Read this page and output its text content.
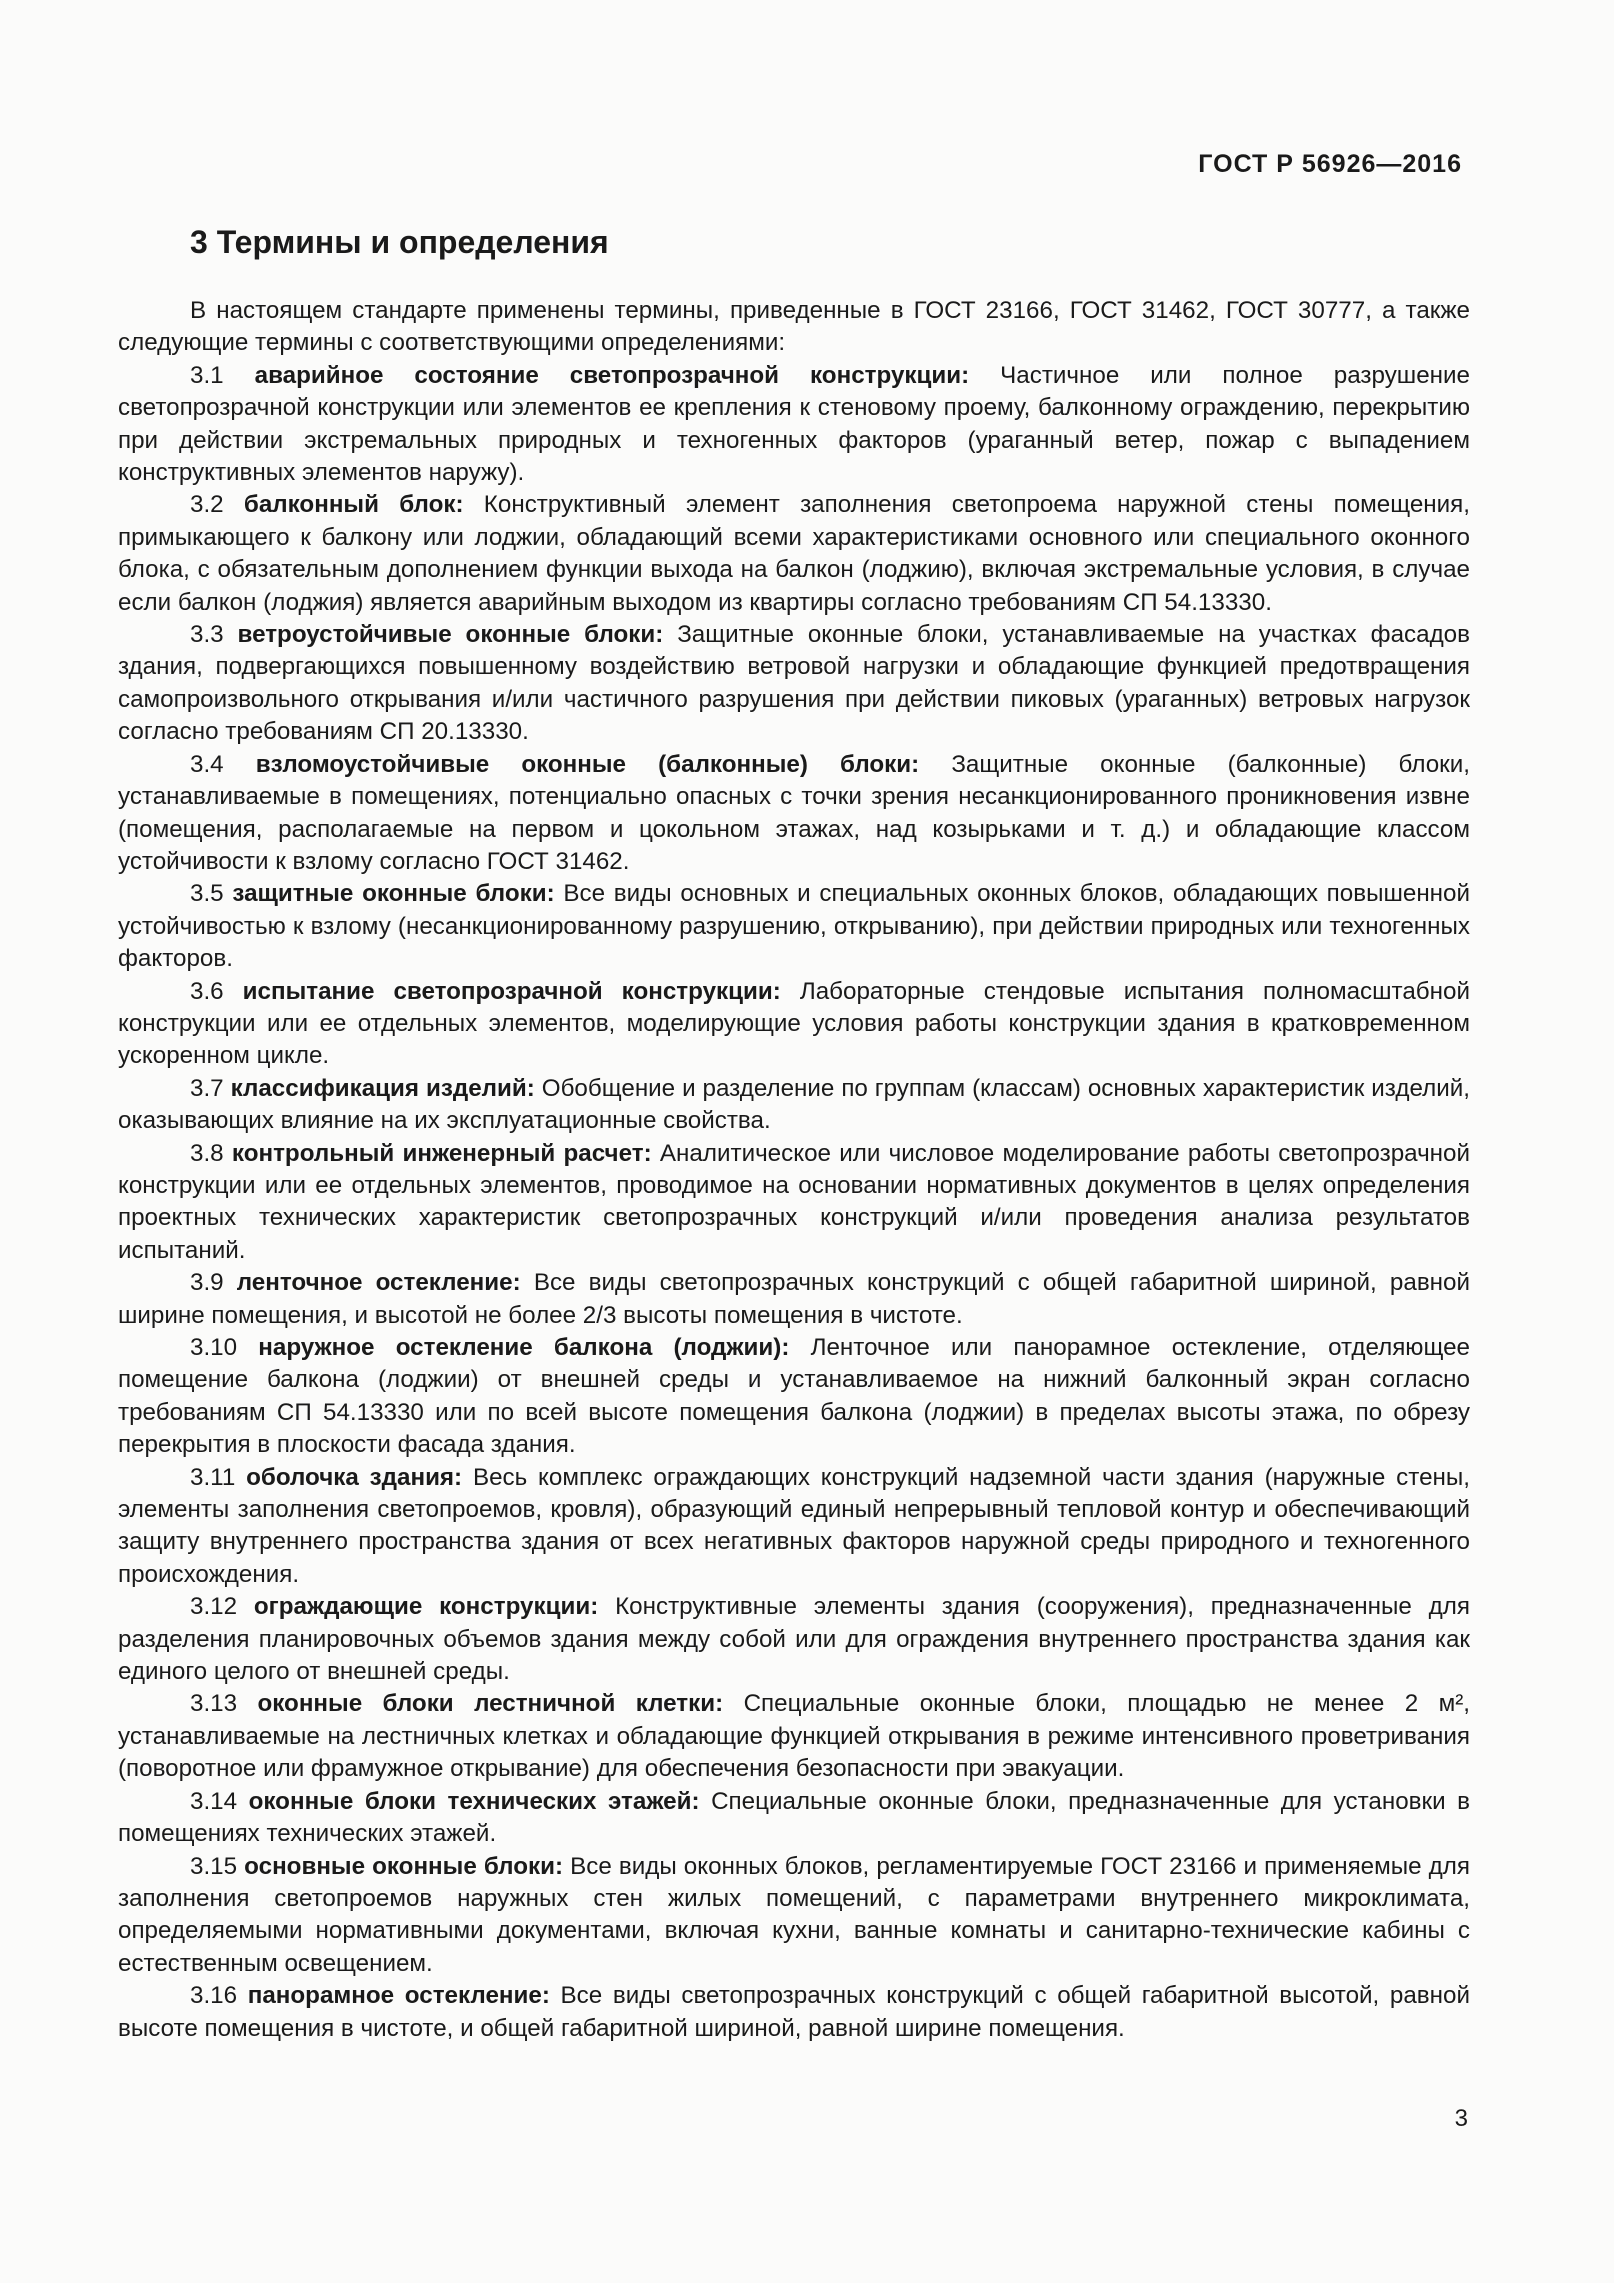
ГОСТ Р 56926—2016
3 Термины и определения

В настоящем стандарте применены термины, приведенные в ГОСТ 23166, ГОСТ 31462, ГОСТ 30777, а также следующие термины с соответствующими определениями:

3.1 аварийное состояние светопрозрачной конструкции: Частичное или полное разрушение светопрозрачной конструкции или элементов ее крепления к стеновому проему, балконному ограждению, перекрытию при действии экстремальных природных и техногенных факторов (ураганный ветер, пожар с выпадением конструктивных элементов наружу).

3.2 балконный блок: Конструктивный элемент заполнения светопроема наружной стены помещения, примыкающего к балкону или лоджии, обладающий всеми характеристиками основного или специального оконного блока, с обязательным дополнением функции выхода на балкон (лоджию), включая экстремальные условия, в случае если балкон (лоджия) является аварийным выходом из квартиры согласно требованиям СП 54.13330.

3.3 ветроустойчивые оконные блоки: Защитные оконные блоки, устанавливаемые на участках фасадов здания, подвергающихся повышенному воздействию ветровой нагрузки и обладающие функцией предотвращения самопроизвольного открывания и/или частичного разрушения при действии пиковых (ураганных) ветровых нагрузок согласно требованиям СП 20.13330.

3.4 взломоустойчивые оконные (балконные) блоки: Защитные оконные (балконные) блоки, устанавливаемые в помещениях, потенциально опасных с точки зрения несанкционированного проникновения извне (помещения, располагаемые на первом и цокольном этажах, над козырьками и т. д.) и обладающие классом устойчивости к взлому согласно ГОСТ 31462.

3.5 защитные оконные блоки: Все виды основных и специальных оконных блоков, обладающих повышенной устойчивостью к взлому (несанкционированному разрушению, открыванию), при действии природных или техногенных факторов.

3.6 испытание светопрозрачной конструкции: Лабораторные стендовые испытания полномасштабной конструкции или ее отдельных элементов, моделирующие условия работы конструкции здания в кратковременном ускоренном цикле.

3.7 классификация изделий: Обобщение и разделение по группам (классам) основных характеристик изделий, оказывающих влияние на их эксплуатационные свойства.

3.8 контрольный инженерный расчет: Аналитическое или числовое моделирование работы светопрозрачной конструкции или ее отдельных элементов, проводимое на основании нормативных документов в целях определения проектных технических характеристик светопрозрачных конструкций и/или проведения анализа результатов испытаний.

3.9 ленточное остекление: Все виды светопрозрачных конструкций с общей габаритной шириной, равной ширине помещения, и высотой не более 2/3 высоты помещения в чистоте.

3.10 наружное остекление балкона (лоджии): Ленточное или панорамное остекление, отделяющее помещение балкона (лоджии) от внешней среды и устанавливаемое на нижний балконный экран согласно требованиям СП 54.13330 или по всей высоте помещения балкона (лоджии) в пределах высоты этажа, по обрезу перекрытия в плоскости фасада здания.

3.11 оболочка здания: Весь комплекс ограждающих конструкций надземной части здания (наружные стены, элементы заполнения светопроемов, кровля), образующий единый непрерывный тепловой контур и обеспечивающий защиту внутреннего пространства здания от всех негативных факторов наружной среды природного и техногенного происхождения.

3.12 ограждающие конструкции: Конструктивные элементы здания (сооружения), предназначенные для разделения планировочных объемов здания между собой или для ограждения внутреннего пространства здания как единого целого от внешней среды.

3.13 оконные блоки лестничной клетки: Специальные оконные блоки, площадью не менее 2 м², устанавливаемые на лестничных клетках и обладающие функцией открывания в режиме интенсивного проветривания (поворотное или фрамужное открывание) для обеспечения безопасности при эвакуации.

3.14 оконные блоки технических этажей: Специальные оконные блоки, предназначенные для установки в помещениях технических этажей.

3.15 основные оконные блоки: Все виды оконных блоков, регламентируемые ГОСТ 23166 и применяемые для заполнения светопроемов наружных стен жилых помещений, с параметрами внутреннего микроклимата, определяемыми нормативными документами, включая кухни, ванные комнаты и санитарно-технические кабины с естественным освещением.

3.16 панорамное остекление: Все виды светопрозрачных конструкций с общей габаритной высотой, равной высоте помещения в чистоте, и общей габаритной шириной, равной ширине помещения.

3
